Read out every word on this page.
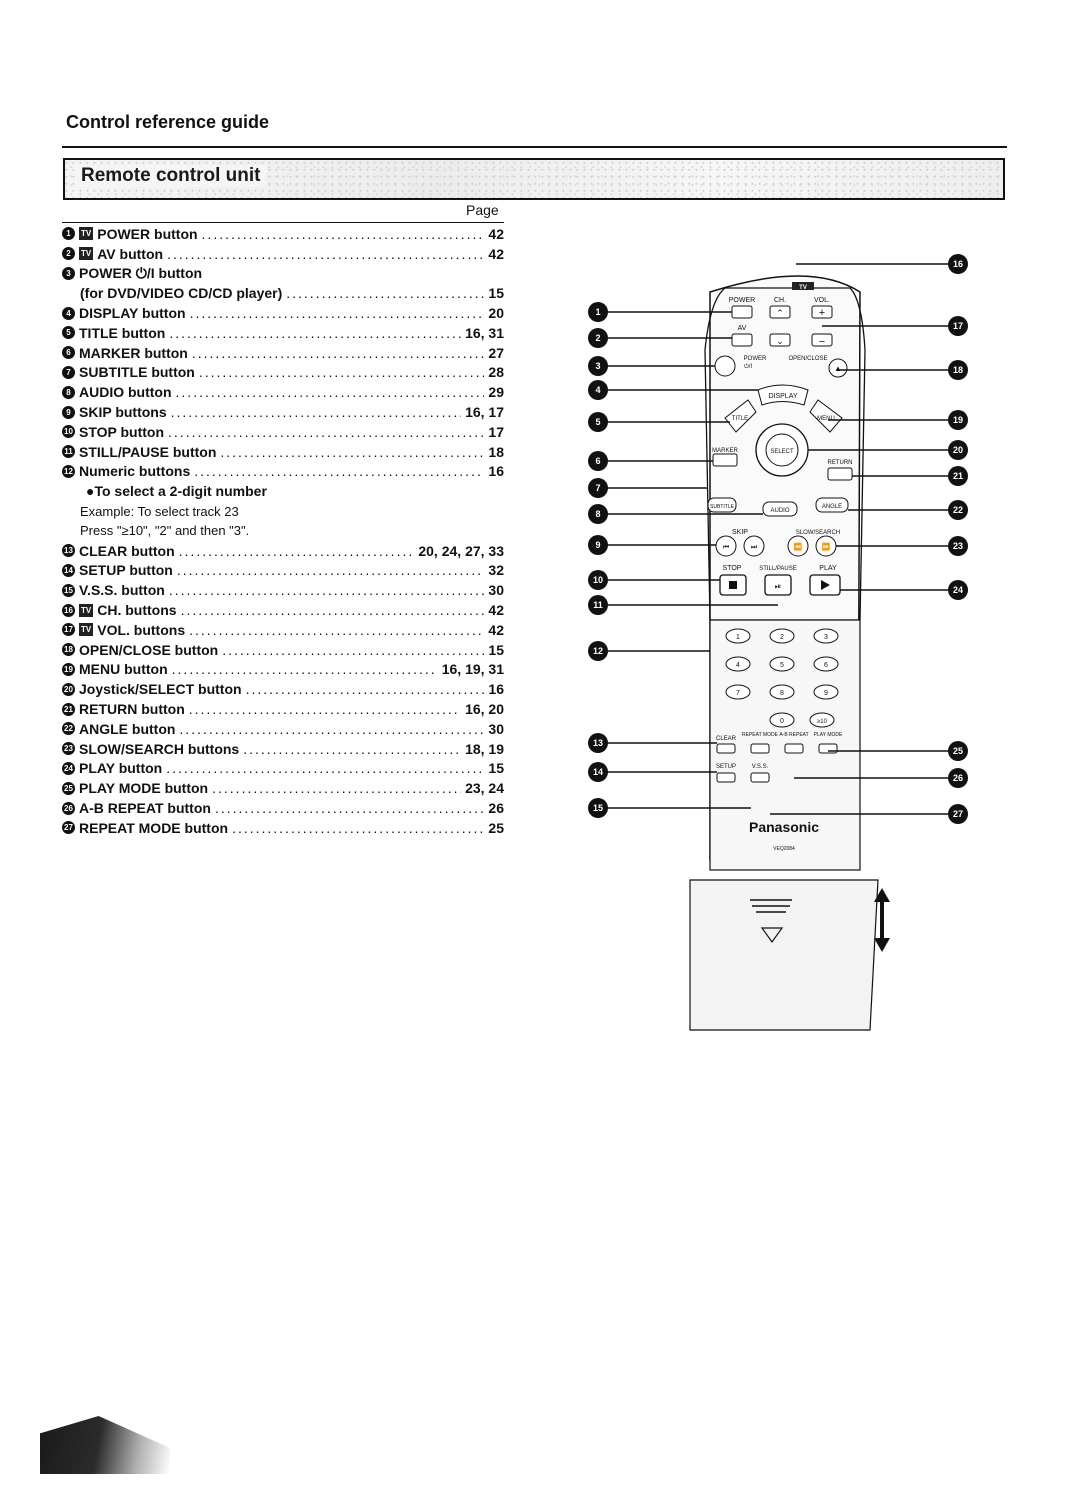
Control reference guide
Remote control unit
Page
1	TV POWER button .....	42
2	TV AV button .....	42
3 POWER ⏻/I button
(for DVD/VIDEO CD/CD player) .....	15
4 DISPLAY button .....	20
5 TITLE button .....	16, 31
6 MARKER button .....	27
7 SUBTITLE button .....	28
8 AUDIO button .....	29
9 SKIP buttons .....	16, 17
10 STOP button .....	17
11 STILL/PAUSE button .....	18
12 Numeric buttons .....	16
●To select a 2-digit number
Example: To select track 23
Press "≥10", "2" and then "3".
13 CLEAR button .....	20, 24, 27, 33
14 SETUP button .....	32
15 V.S.S. button .....	30
16 TV CH. buttons .....	42
17 TV VOL. buttons .....	42
18 OPEN/CLOSE button .....	15
19 MENU button .....	16, 19, 31
20 Joystick/SELECT button .....	16
21 RETURN button .....	16, 20
22 ANGLE button .....	30
23 SLOW/SEARCH buttons .....	18, 19
24 PLAY button .....	15
25 PLAY MODE button .....	23, 24
26 A-B REPEAT button .....	26
27 REPEAT MODE button .....	25
TV
POWER	CH.	VOL.
⌃	+
AV
⌄	−
POWER
⏻/I
OPEN/CLOSE
▲
DISPLAY
TITLE	MENU
SELECT
MARKER
RETURN
SUBTITLE
AUDIO
ANGLE
SKIP	SLOW/SEARCH
⏮	⏭	⏪	⏩
STOP	STILL/PAUSE	PLAY
⏯
1	2	3
4	5	6
7	8	9
0	≥10
CLEAR
REPEAT MODE A-B REPEAT PLAY MODE
SETUP	V.S.S.
Panasonic
VEQ2084
1
2
3
4
5
6
7
8
9
10
11
12
13
14
15
16
17
18
19
20
21
22
23
24
25
26
27
